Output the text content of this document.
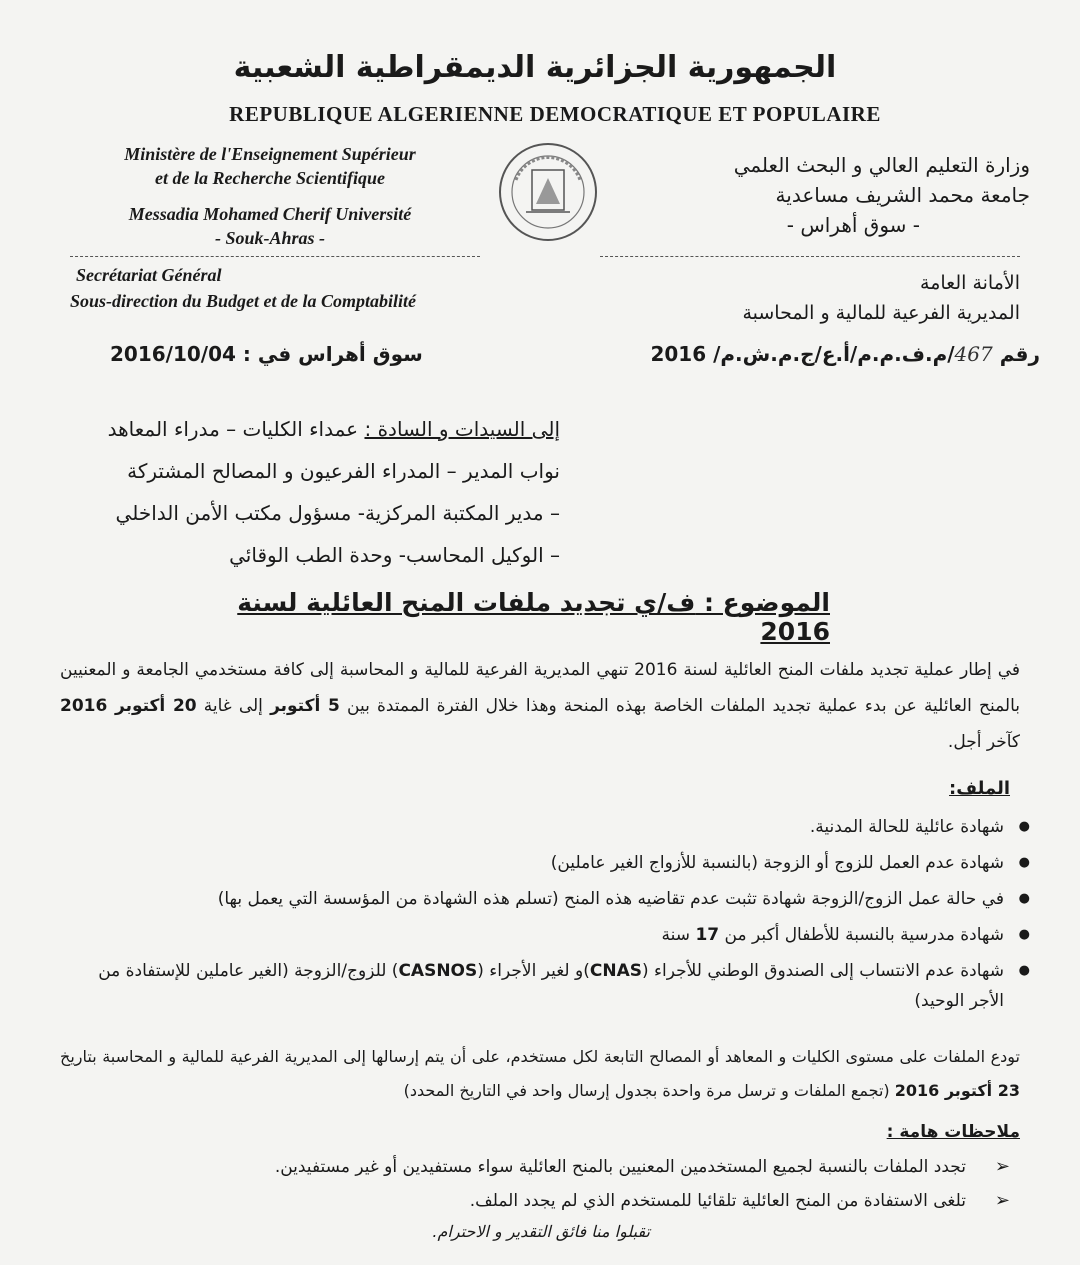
الجمهورية الجزائرية الديمقراطية الشعبية
REPUBLIQUE ALGERIENNE DEMOCRATIQUE ET POPULAIRE
Ministère de l'Enseignement Supérieur
et de la Recherche Scientifique
Messadia Mohamed Cherif Université
- Souk-Ahras -
وزارة التعليم العالي و البحث العلمي
جامعة محمد الشريف مساعدية
- سوق أهراس -
Secrétariat Général
Sous-direction du Budget et de la Comptabilité
الأمانة العامة
المديرية الفرعية للمالية و المحاسبة
رقم 467/م.ف.م.م/أ.ع/ج.م.ش.م/ 2016
سوق أهراس في : 2016/10/04
إلى السيدات و السادة : عمداء الكليات – مدراء المعاهد
نواب المدير – المدراء الفرعيون و المصالح المشتركة
– مدير المكتبة المركزية- مسؤول مكتب الأمن الداخلي
– الوكيل المحاسب- وحدة الطب الوقائي
الموضوع : ف/ي تجديد ملفات المنح العائلية لسنة 2016
في إطار عملية تجديد ملفات المنح العائلية لسنة 2016 تنهي المديرية الفرعية للمالية و المحاسبة إلى كافة مستخدمي الجامعة و المعنيين بالمنح العائلية عن بدء عملية تجديد الملفات الخاصة بهذه المنحة وهذا خلال الفترة الممتدة بين 5 أكتوبر إلى غاية 20 أكتوبر 2016 كآخر أجل.
الملف:
● شهادة عائلية للحالة المدنية.
● شهادة عدم العمل للزوج أو الزوجة (بالنسبة للأزواج الغير عاملين)
● في حالة عمل الزوج/الزوجة شهادة تثبت عدم تقاضيه هذه المنح (تسلم هذه الشهادة من المؤسسة التي يعمل بها)
● شهادة مدرسية بالنسبة للأطفال أكبر من 17 سنة
● شهادة عدم الانتساب إلى الصندوق الوطني للأجراء (CNAS)و لغير الأجراء (CASNOS) للزوج/الزوجة (الغير عاملين للإستفادة من الأجر الوحيد)
تودع الملفات على مستوى الكليات و المعاهد أو المصالح التابعة لكل مستخدم، على أن يتم إرسالها إلى المديرية الفرعية للمالية و المحاسبة بتاريخ 23 أكتوبر 2016 (تجمع الملفات و ترسل مرة واحدة بجدول إرسال واحد في التاريخ المحدد)
ملاحظات هامة :
➢ تجدد الملفات بالنسبة لجميع المستخدمين المعنيين بالمنح العائلية سواء مستفيدين أو غير مستفيدين.
➢ تلغى الاستفادة من المنح العائلية تلقائيا للمستخدم الذي لم يجدد الملف.
تقبلوا منا فائق التقدير و الاحترام.
